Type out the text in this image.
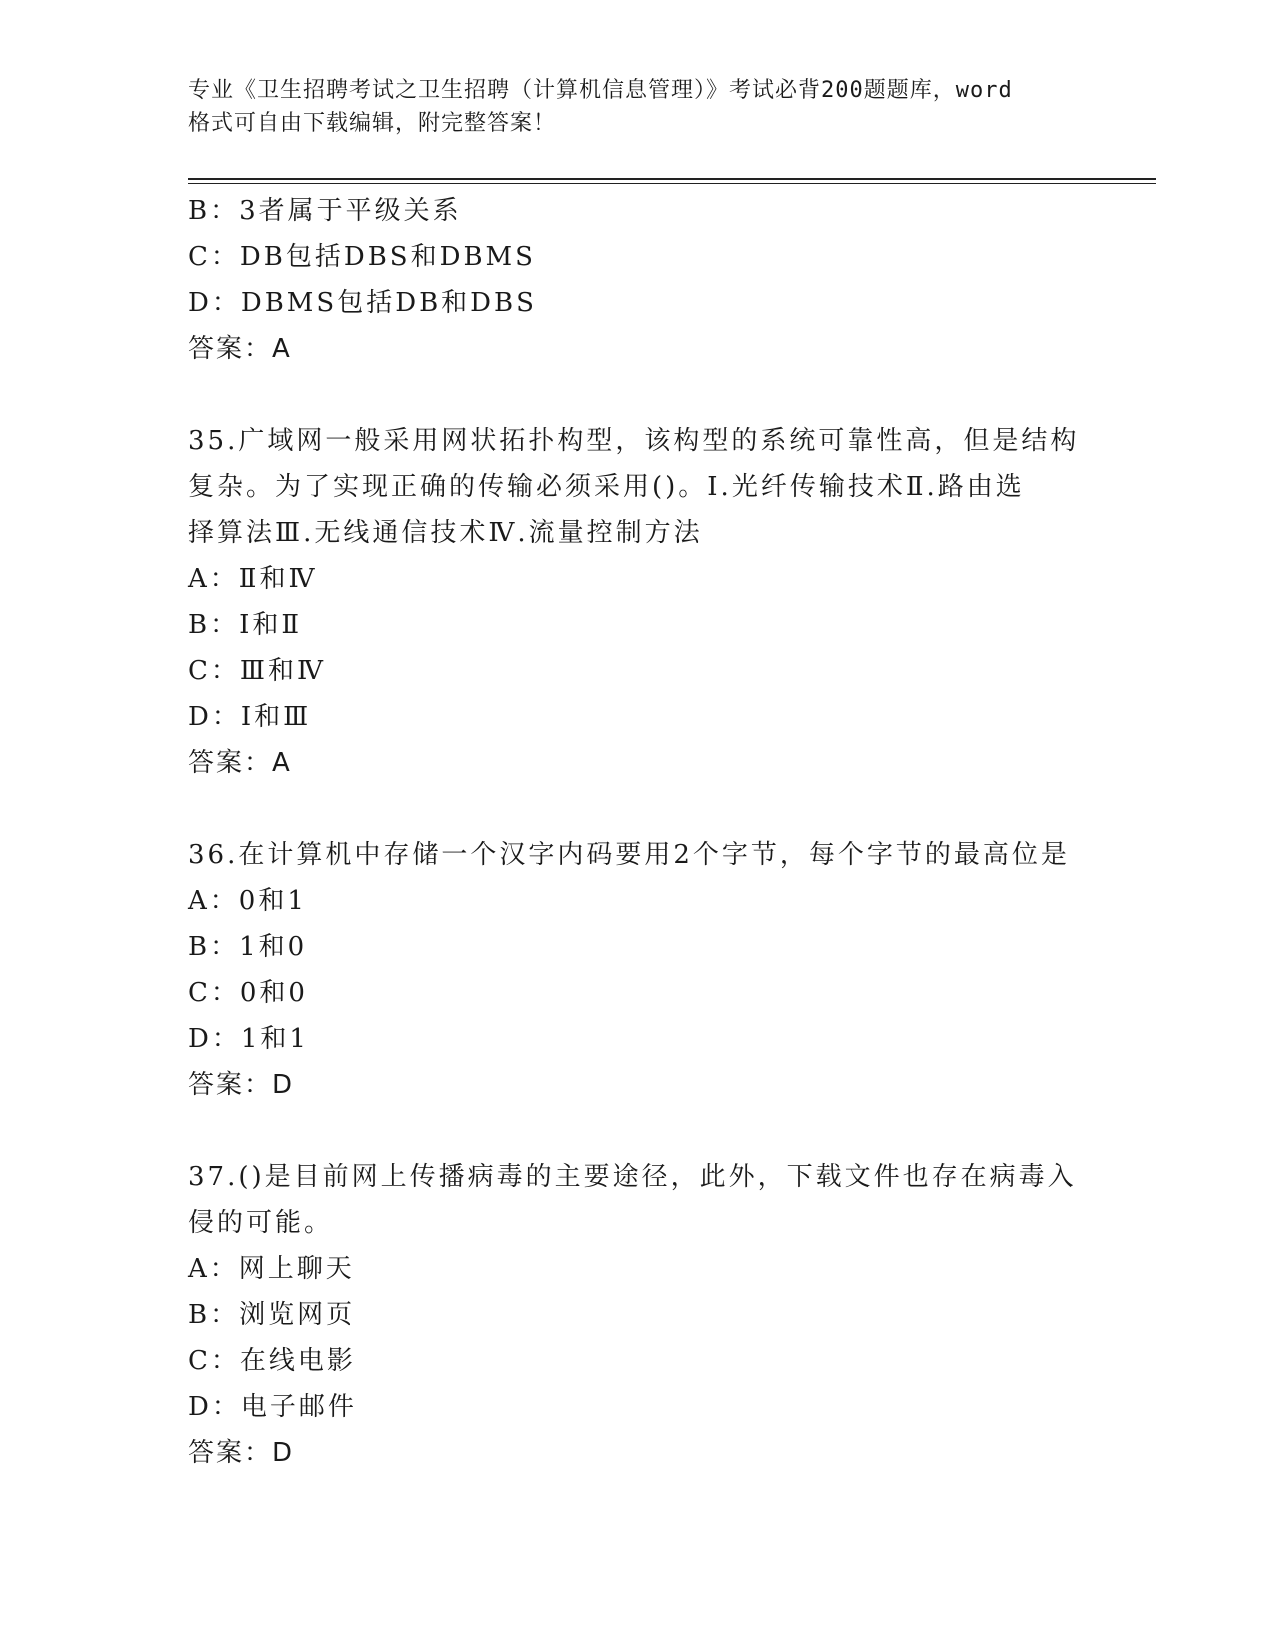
专业《卫生招聘考试之卫生招聘（计算机信息管理）》考试必背200题题库，word
格式可自由下载编辑，附完整答案！
B：3者属于平级关系
C：DB包括DBS和DBMS
D：DBMS包括DB和DBS
答案：A
35.广域网一般采用网状拓扑构型，该构型的系统可靠性高，但是结构
复杂。为了实现正确的传输必须采用()。Ⅰ.光纤传输技术Ⅱ.路由选
择算法Ⅲ.无线通信技术Ⅳ.流量控制方法
A：Ⅱ和Ⅳ
B：Ⅰ和Ⅱ
C：Ⅲ和Ⅳ
D：Ⅰ和Ⅲ
答案：A
36.在计算机中存储一个汉字内码要用2个字节，每个字节的最高位是
A：0和1
B：1和0
C：0和0
D：1和1
答案：D
37.()是目前网上传播病毒的主要途径，此外，下载文件也存在病毒入
侵的可能。
A：网上聊天
B：浏览网页
C：在线电影
D：电子邮件
答案：D
